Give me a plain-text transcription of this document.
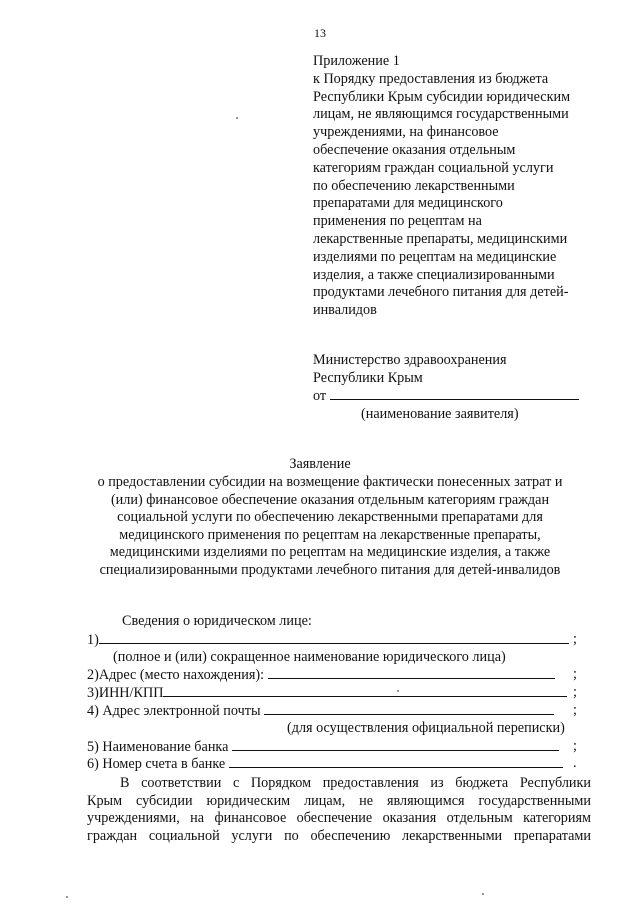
13
Приложение 1
к Порядку предоставления из бюджета
Республики Крым субсидии юридическим
лицам, не являющимся государственными
учреждениями, на финансовое
обеспечение оказания отдельным
категориям граждан социальной услуги
по обеспечению лекарственными
препаратами для медицинского
применения по рецептам на
лекарственные препараты, медицинскими
изделиями по рецептам на медицинские
изделия, а также специализированными
продуктами лечебного питания для детей-
инвалидов
Министерство здравоохранения
Республики Крым
от
(наименование заявителя)
Заявление
о предоставлении субсидии на возмещение фактически понесенных затрат и
(или) финансовое обеспечение оказания отдельным категориям граждан
социальной услуги по обеспечению лекарственными препаратами для
медицинского применения по рецептам на лекарственные препараты,
медицинскими изделиями по рецептам на медицинские изделия, а также
специализированными продуктами лечебного питания для детей-инвалидов
Сведения о юридическом лице:
1)	;
(полное и (или) сокращенное наименование юридического лица)
2)Адрес (место нахождения):	;
3)ИНН/КПП	;
4) Адрес электронной почты	;
(для осуществления официальной переписки)
5) Наименование банка	;
6) Номер счета в банке	.
В соответствии с Порядком предоставления из бюджета Республики
Крым субсидии юридическим лицам, не являющимся государственными
учреждениями, на финансовое обеспечение оказания отдельным категориям
граждан социальной услуги по обеспечению лекарственными препаратами
